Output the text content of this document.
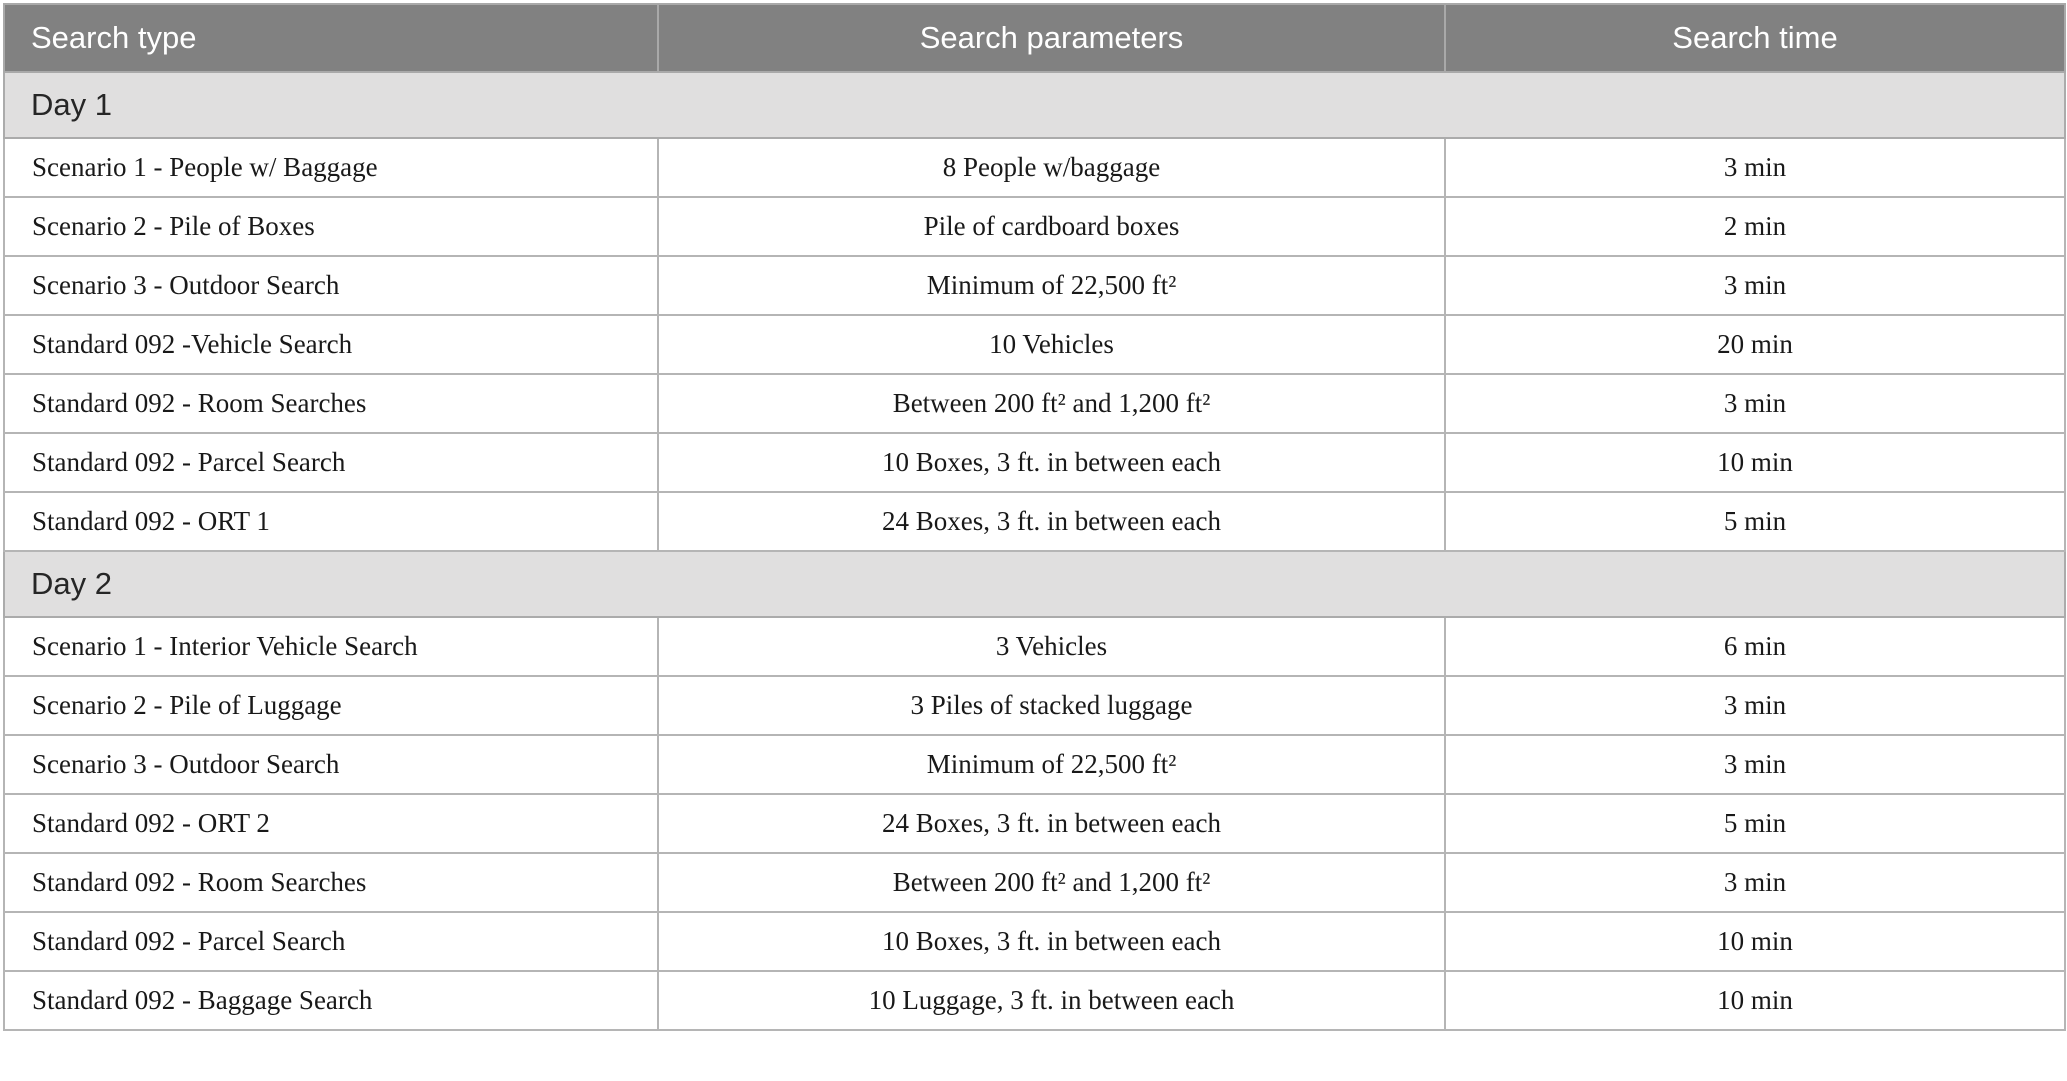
Search type	Search parameters	Search time
Day 1		
Scenario 1 - People w/ Baggage	8 People w/baggage	3 min
Scenario 2 - Pile of Boxes	Pile of cardboard boxes	2 min
Scenario 3 - Outdoor Search	Minimum of 22,500 ft²	3 min
Standard 092 -Vehicle Search	10 Vehicles	20 min
Standard 092 - Room Searches	Between 200 ft² and 1,200 ft²	3 min
Standard 092 - Parcel Search	10 Boxes, 3 ft. in between each	10 min
Standard 092 - ORT 1	24 Boxes, 3 ft. in between each	5 min
Day 2		
Scenario 1 - Interior Vehicle Search	3 Vehicles	6 min
Scenario 2 - Pile of Luggage	3 Piles of stacked luggage	3 min
Scenario 3 - Outdoor Search	Minimum of 22,500 ft²	3 min
Standard 092 - ORT 2	24 Boxes, 3 ft. in between each	5 min
Standard 092 - Room Searches	Between 200 ft² and 1,200 ft²	3 min
Standard 092 - Parcel Search	10 Boxes, 3 ft. in between each	10 min
Standard 092 - Baggage Search	10 Luggage, 3 ft. in between each	10 min
